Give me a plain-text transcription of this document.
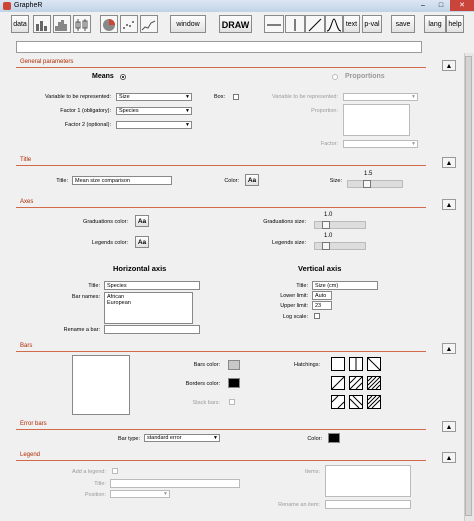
GrapheR	–	□	✕
data	window	DRAW	text	p-val	save	lang help
General parameters
▲
Means	Proportions
Variable to be represented:	Size	▼
Factor 1 (obligatory):	Species	▼
Factor 2 (optional):	▼
Box:	Variable to be represented:	▼
Proportion:
Factor:	▼
Title	▲
Title:	Mean size comparison	Color:	Aa	Size:
1.5
Axes	▲
Graduations color:	Aa
Legends color:	Aa
Graduations size:
1.0
Legends size:
1.0
Horizontal axis
Title:	Species
Bar names: African
European
Rename a bar:
Vertical axis
Title:	Size (cm)
Lower limit:	Auto
Upper limit:	23
Log scale:
Bars	▲
Bars color:
Borders color:
Stack bars:
Hatchings:
Error bars	▲
Bar type:	standard error	▼	Color:
Legend	▲
Add a legend:
Title:
Position:	▼
Items:
Rename an item:
